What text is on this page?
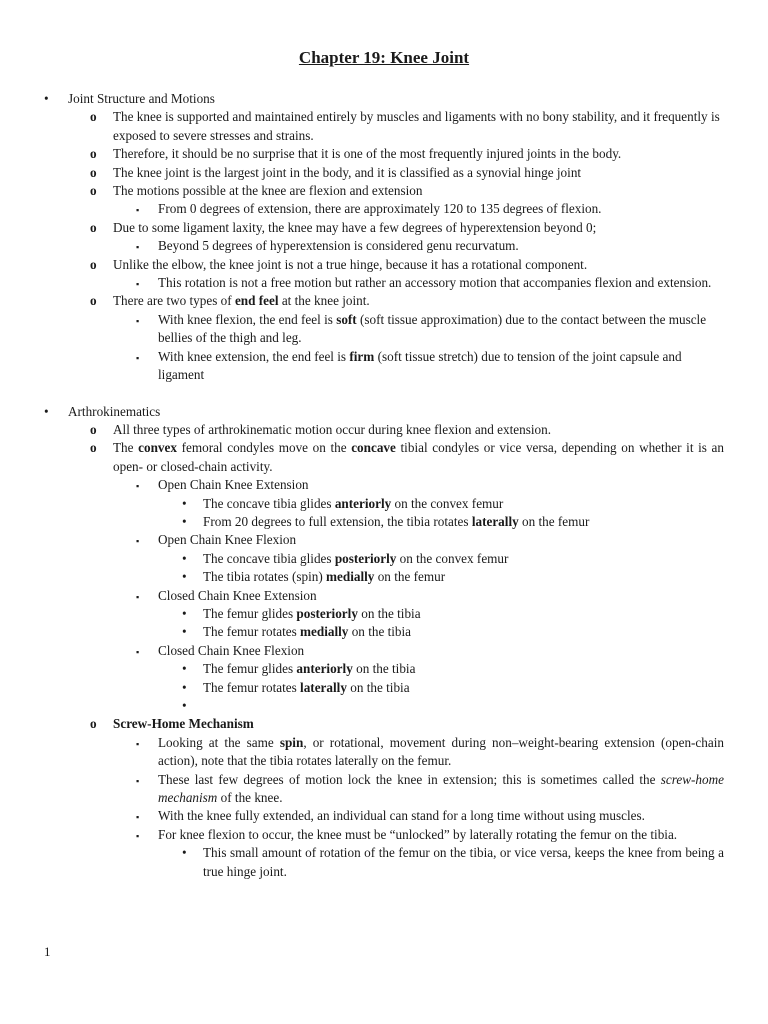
Chapter 19: Knee Joint
• Joint Structure and Motions
o The knee is supported and maintained entirely by muscles and ligaments with no bony stability, and it frequently is exposed to severe stresses and strains.
o Therefore, it should be no surprise that it is one of the most frequently injured joints in the body.
o The knee joint is the largest joint in the body, and it is classified as a synovial hinge joint
o The motions possible at the knee are flexion and extension
▪ From 0 degrees of extension, there are approximately 120 to 135 degrees of flexion.
o Due to some ligament laxity, the knee may have a few degrees of hyperextension beyond 0;
▪ Beyond 5 degrees of hyperextension is considered genu recurvatum.
o Unlike the elbow, the knee joint is not a true hinge, because it has a rotational component.
▪ This rotation is not a free motion but rather an accessory motion that accompanies flexion and extension.
o There are two types of end feel at the knee joint.
▪ With knee flexion, the end feel is soft (soft tissue approximation) due to the contact between the muscle bellies of the thigh and leg.
▪ With knee extension, the end feel is firm (soft tissue stretch) due to tension of the joint capsule and ligament
• Arthrokinematics
o All three types of arthrokinematic motion occur during knee flexion and extension.
o The convex femoral condyles move on the concave tibial condyles or vice versa, depending on whether it is an open- or closed-chain activity.
▪ Open Chain Knee Extension
• The concave tibia glides anteriorly on the convex femur
• From 20 degrees to full extension, the tibia rotates laterally on the femur
▪ Open Chain Knee Flexion
• The concave tibia glides posteriorly on the convex femur
• The tibia rotates (spin) medially on the femur
▪ Closed Chain Knee Extension
• The femur glides posteriorly on the tibia
• The femur rotates medially on the tibia
▪ Closed Chain Knee Flexion
• The femur glides anteriorly on the tibia
• The femur rotates laterally on the tibia
•

o Screw-Home Mechanism
▪ Looking at the same spin, or rotational, movement during non–weight-bearing extension (open-chain action), note that the tibia rotates laterally on the femur.
▪ These last few degrees of motion lock the knee in extension; this is sometimes called the screw-home mechanism of the knee.
▪ With the knee fully extended, an individual can stand for a long time without using muscles.
▪ For knee flexion to occur, the knee must be “unlocked” by laterally rotating the femur on the tibia.
• This small amount of rotation of the femur on the tibia, or vice versa, keeps the knee from being a true hinge joint.
1
